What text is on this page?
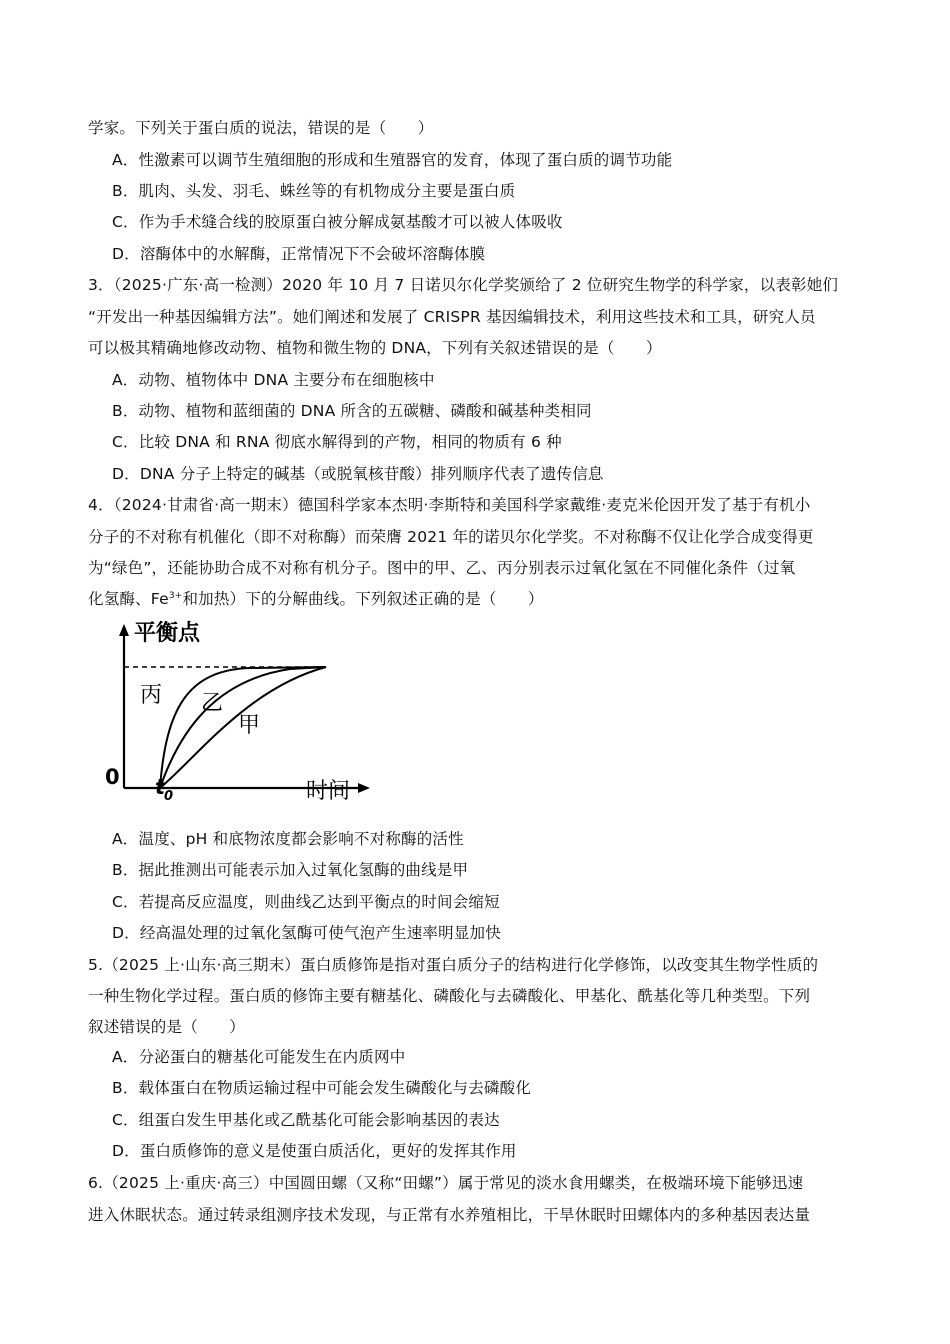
学家。下列关于蛋白质的说法，错误的是（　　）
A．性激素可以调节生殖细胞的形成和生殖器官的发育，体现了蛋白质的调节功能
B．肌肉、头发、羽毛、蛛丝等的有机物成分主要是蛋白质
C．作为手术缝合线的胶原蛋白被分解成氨基酸才可以被人体吸收
D．溶酶体中的水解酶，正常情况下不会破坏溶酶体膜
3．（2025·广东·高一检测）2020 年 10 月 7 日诺贝尔化学奖颁给了 2 位研究生物学的科学家，以表彰她们
“开发出一种基因编辑方法”。她们阐述和发展了 CRISPR 基因编辑技术，利用这些技术和工具，研究人员
可以极其精确地修改动物、植物和微生物的 DNA，下列有关叙述错误的是（　　）
A．动物、植物体中 DNA 主要分布在细胞核中
B．动物、植物和蓝细菌的 DNA 所含的五碳糖、磷酸和碱基种类相同
C．比较 DNA 和 RNA 彻底水解得到的产物，相同的物质有 6 种
D．DNA 分子上特定的碱基（或脱氧核苷酸）排列顺序代表了遗传信息
4．（2024·甘肃省·高一期末）德国科学家本杰明·李斯特和美国科学家戴维·麦克米伦因开发了基于有机小
分子的不对称有机催化（即不对称酶）而荣膺 2021 年的诺贝尔化学奖。不对称酶不仅让化学合成变得更
为“绿色”，还能协助合成不对称有机分子。图中的甲、乙、丙分别表示过氧化氢在不同催化条件（过氧
化氢酶、$Fe^{3+}$和加热）下的分解曲线。下列叙述正确的是（　　）
平衡点
丙 乙
甲
0 t
0	时间
A．温度、pH 和底物浓度都会影响不对称酶的活性
B．据此推测出可能表示加入过氧化氢酶的曲线是甲
C．若提高反应温度，则曲线乙达到平衡点的时间会缩短
D．经高温处理的过氧化氢酶可使气泡产生速率明显加快
5.（2025 上·山东·高三期末）蛋白质修饰是指对蛋白质分子的结构进行化学修饰，以改变其生物学性质的
一种生物化学过程。蛋白质的修饰主要有糖基化、磷酸化与去磷酸化、甲基化、酰基化等几种类型。下列
叙述错误的是（　　）
A．分泌蛋白的糖基化可能发生在内质网中
B．载体蛋白在物质运输过程中可能会发生磷酸化与去磷酸化
C．组蛋白发生甲基化或乙酰基化可能会影响基因的表达
D．蛋白质修饰的意义是使蛋白质活化，更好的发挥其作用
6.（2025 上·重庆·高三）中国圆田螺（又称“田螺”）属于常见的淡水食用螺类，在极端环境下能够迅速
进入休眠状态。通过转录组测序技术发现，与正常有水养殖相比，干旱休眠时田螺体内的多种基因表达量
